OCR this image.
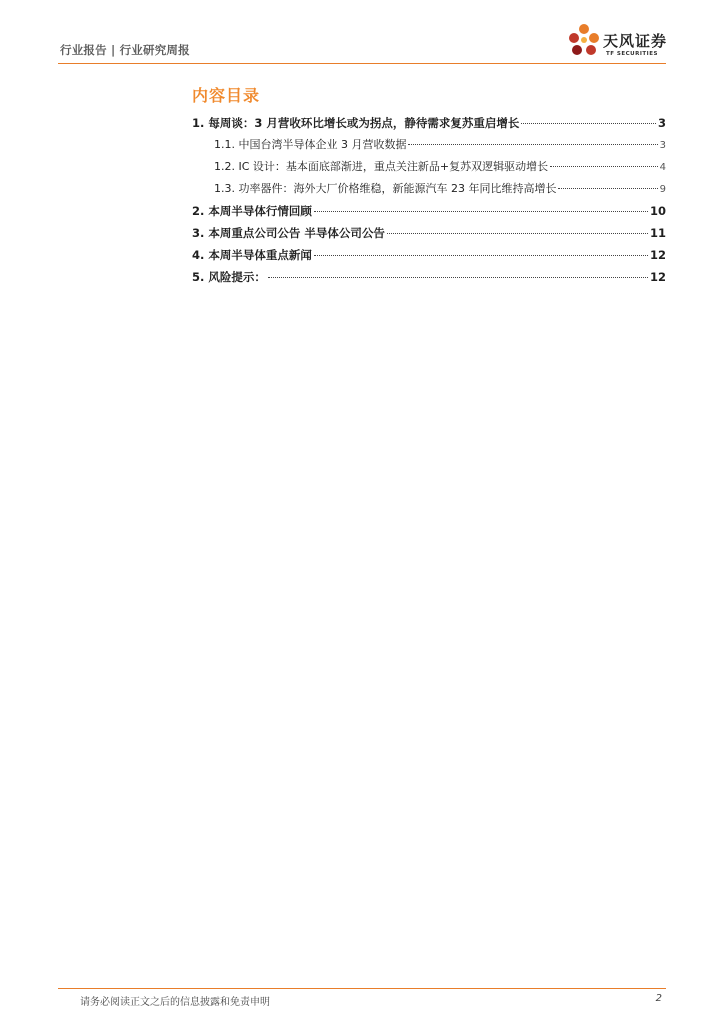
行业报告 | 行业研究周报	天风证券
TF SECURITIES
内容目录
1. 每周谈：3 月营收环比增长或为拐点，静待需求复苏重启增长	3
1.1. 中国台湾半导体企业 3 月营收数据	3
1.2. IC 设计：基本面底部渐进，重点关注新品+复苏双逻辑驱动增长	4
1.3. 功率器件：海外大厂价格维稳，新能源汽车 23 年同比维持高增长	9
2. 本周半导体行情回顾	10
3. 本周重点公司公告 半导体公司公告	11
4. 本周半导体重点新闻	12
5. 风险提示：	12
请务必阅读正文之后的信息披露和免责申明	2
